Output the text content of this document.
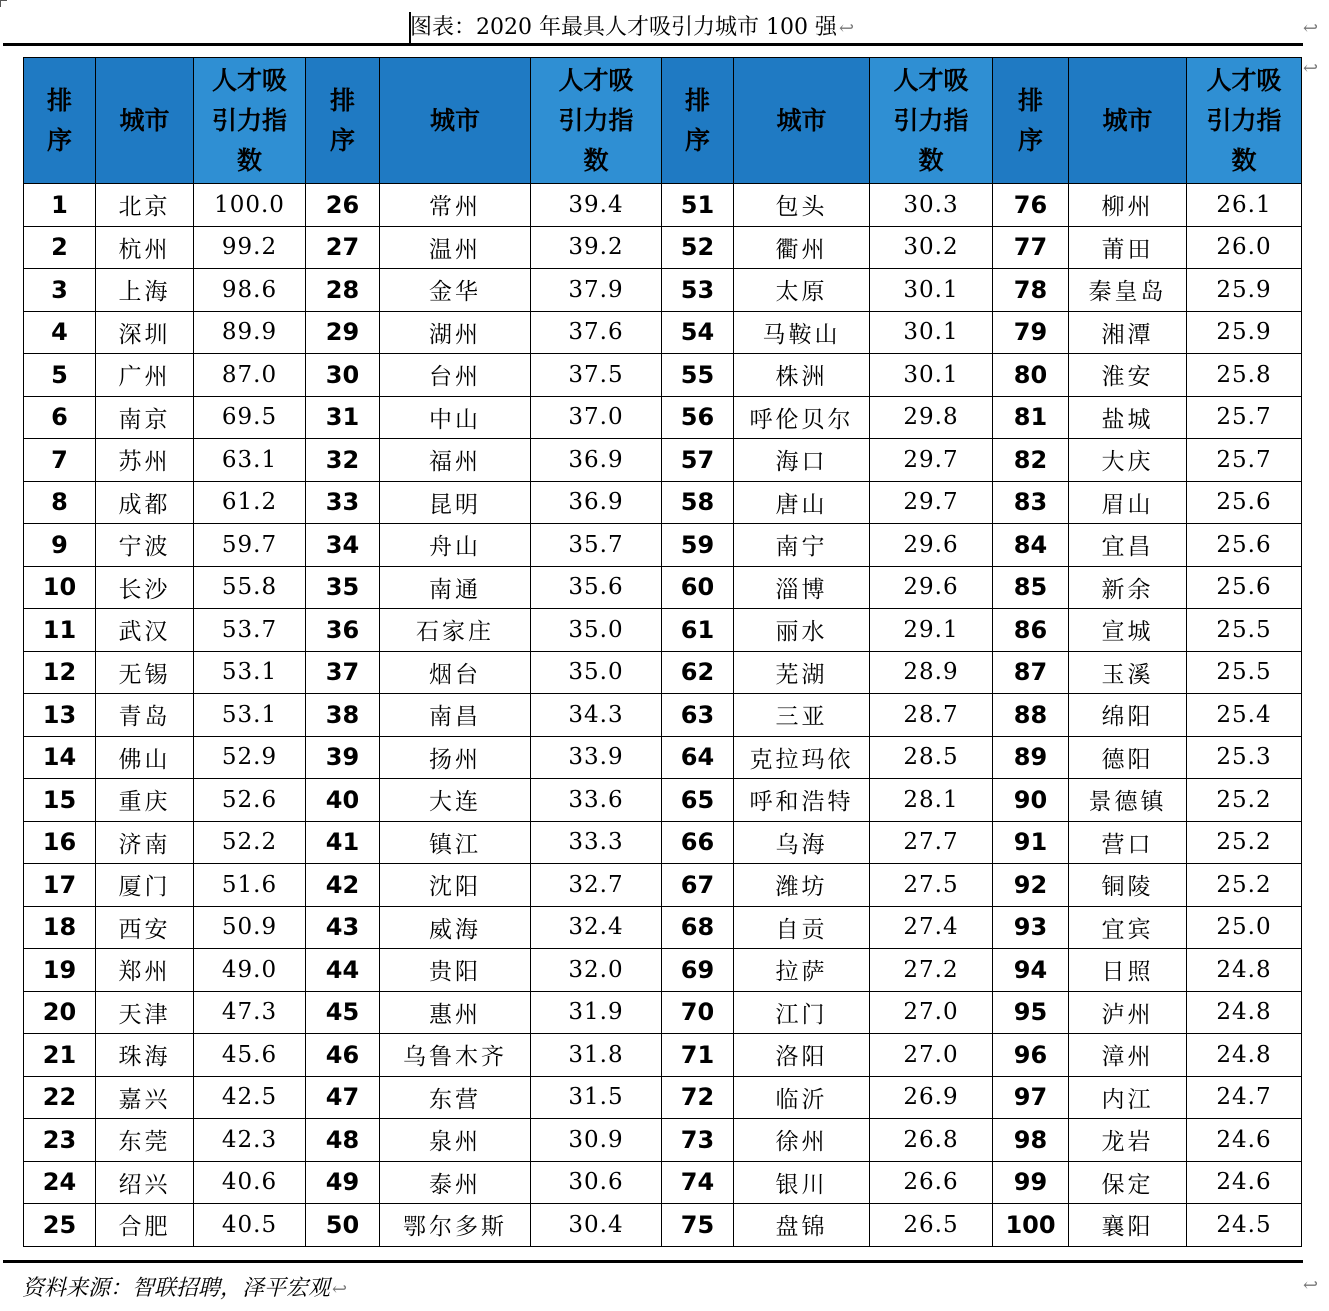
图表：2020 年最具人才吸引力城市 100 强 ↩	↩
↩
排
序	城市	人才吸
引力指
数	排
序	城市	人才吸
引力指
数	排
序	城市	人才吸
引力指
数	排
序	城市	人才吸
引力指
数
1	北京	100.0	26	常州	39.4	51	包头	30.3	76	柳州	26.1
2	杭州	99.2	27	温州	39.2	52	衢州	30.2	77	莆田	26.0
3	上海	98.6	28	金华	37.9	53	太原	30.1	78	秦皇岛	25.9
4	深圳	89.9	29	湖州	37.6	54	马鞍山	30.1	79	湘潭	25.9
5	广州	87.0	30	台州	37.5	55	株洲	30.1	80	淮安	25.8
6	南京	69.5	31	中山	37.0	56	呼伦贝尔	29.8	81	盐城	25.7
7	苏州	63.1	32	福州	36.9	57	海口	29.7	82	大庆	25.7
8	成都	61.2	33	昆明	36.9	58	唐山	29.7	83	眉山	25.6
9	宁波	59.7	34	舟山	35.7	59	南宁	29.6	84	宜昌	25.6
10	长沙	55.8	35	南通	35.6	60	淄博	29.6	85	新余	25.6
11	武汉	53.7	36	石家庄	35.0	61	丽水	29.1	86	宣城	25.5
12	无锡	53.1	37	烟台	35.0	62	芜湖	28.9	87	玉溪	25.5
13	青岛	53.1	38	南昌	34.3	63	三亚	28.7	88	绵阳	25.4
14	佛山	52.9	39	扬州	33.9	64	克拉玛依	28.5	89	德阳	25.3
15	重庆	52.6	40	大连	33.6	65	呼和浩特	28.1	90	景德镇	25.2
16	济南	52.2	41	镇江	33.3	66	乌海	27.7	91	营口	25.2
17	厦门	51.6	42	沈阳	32.7	67	潍坊	27.5	92	铜陵	25.2
18	西安	50.9	43	威海	32.4	68	自贡	27.4	93	宜宾	25.0
19	郑州	49.0	44	贵阳	32.0	69	拉萨	27.2	94	日照	24.8
20	天津	47.3	45	惠州	31.9	70	江门	27.0	95	泸州	24.8
21	珠海	45.6	46	乌鲁木齐	31.8	71	洛阳	27.0	96	漳州	24.8
22	嘉兴	42.5	47	东营	31.5	72	临沂	26.9	97	内江	24.7
23	东莞	42.3	48	泉州	30.9	73	徐州	26.8	98	龙岩	24.6
24	绍兴	40.6	49	泰州	30.6	74	银川	26.6	99	保定	24.6
25	合肥	40.5	50	鄂尔多斯	30.4	75	盘锦	26.5	100	襄阳	24.5
资料来源：智联招聘，泽平宏观 ↩	↩
